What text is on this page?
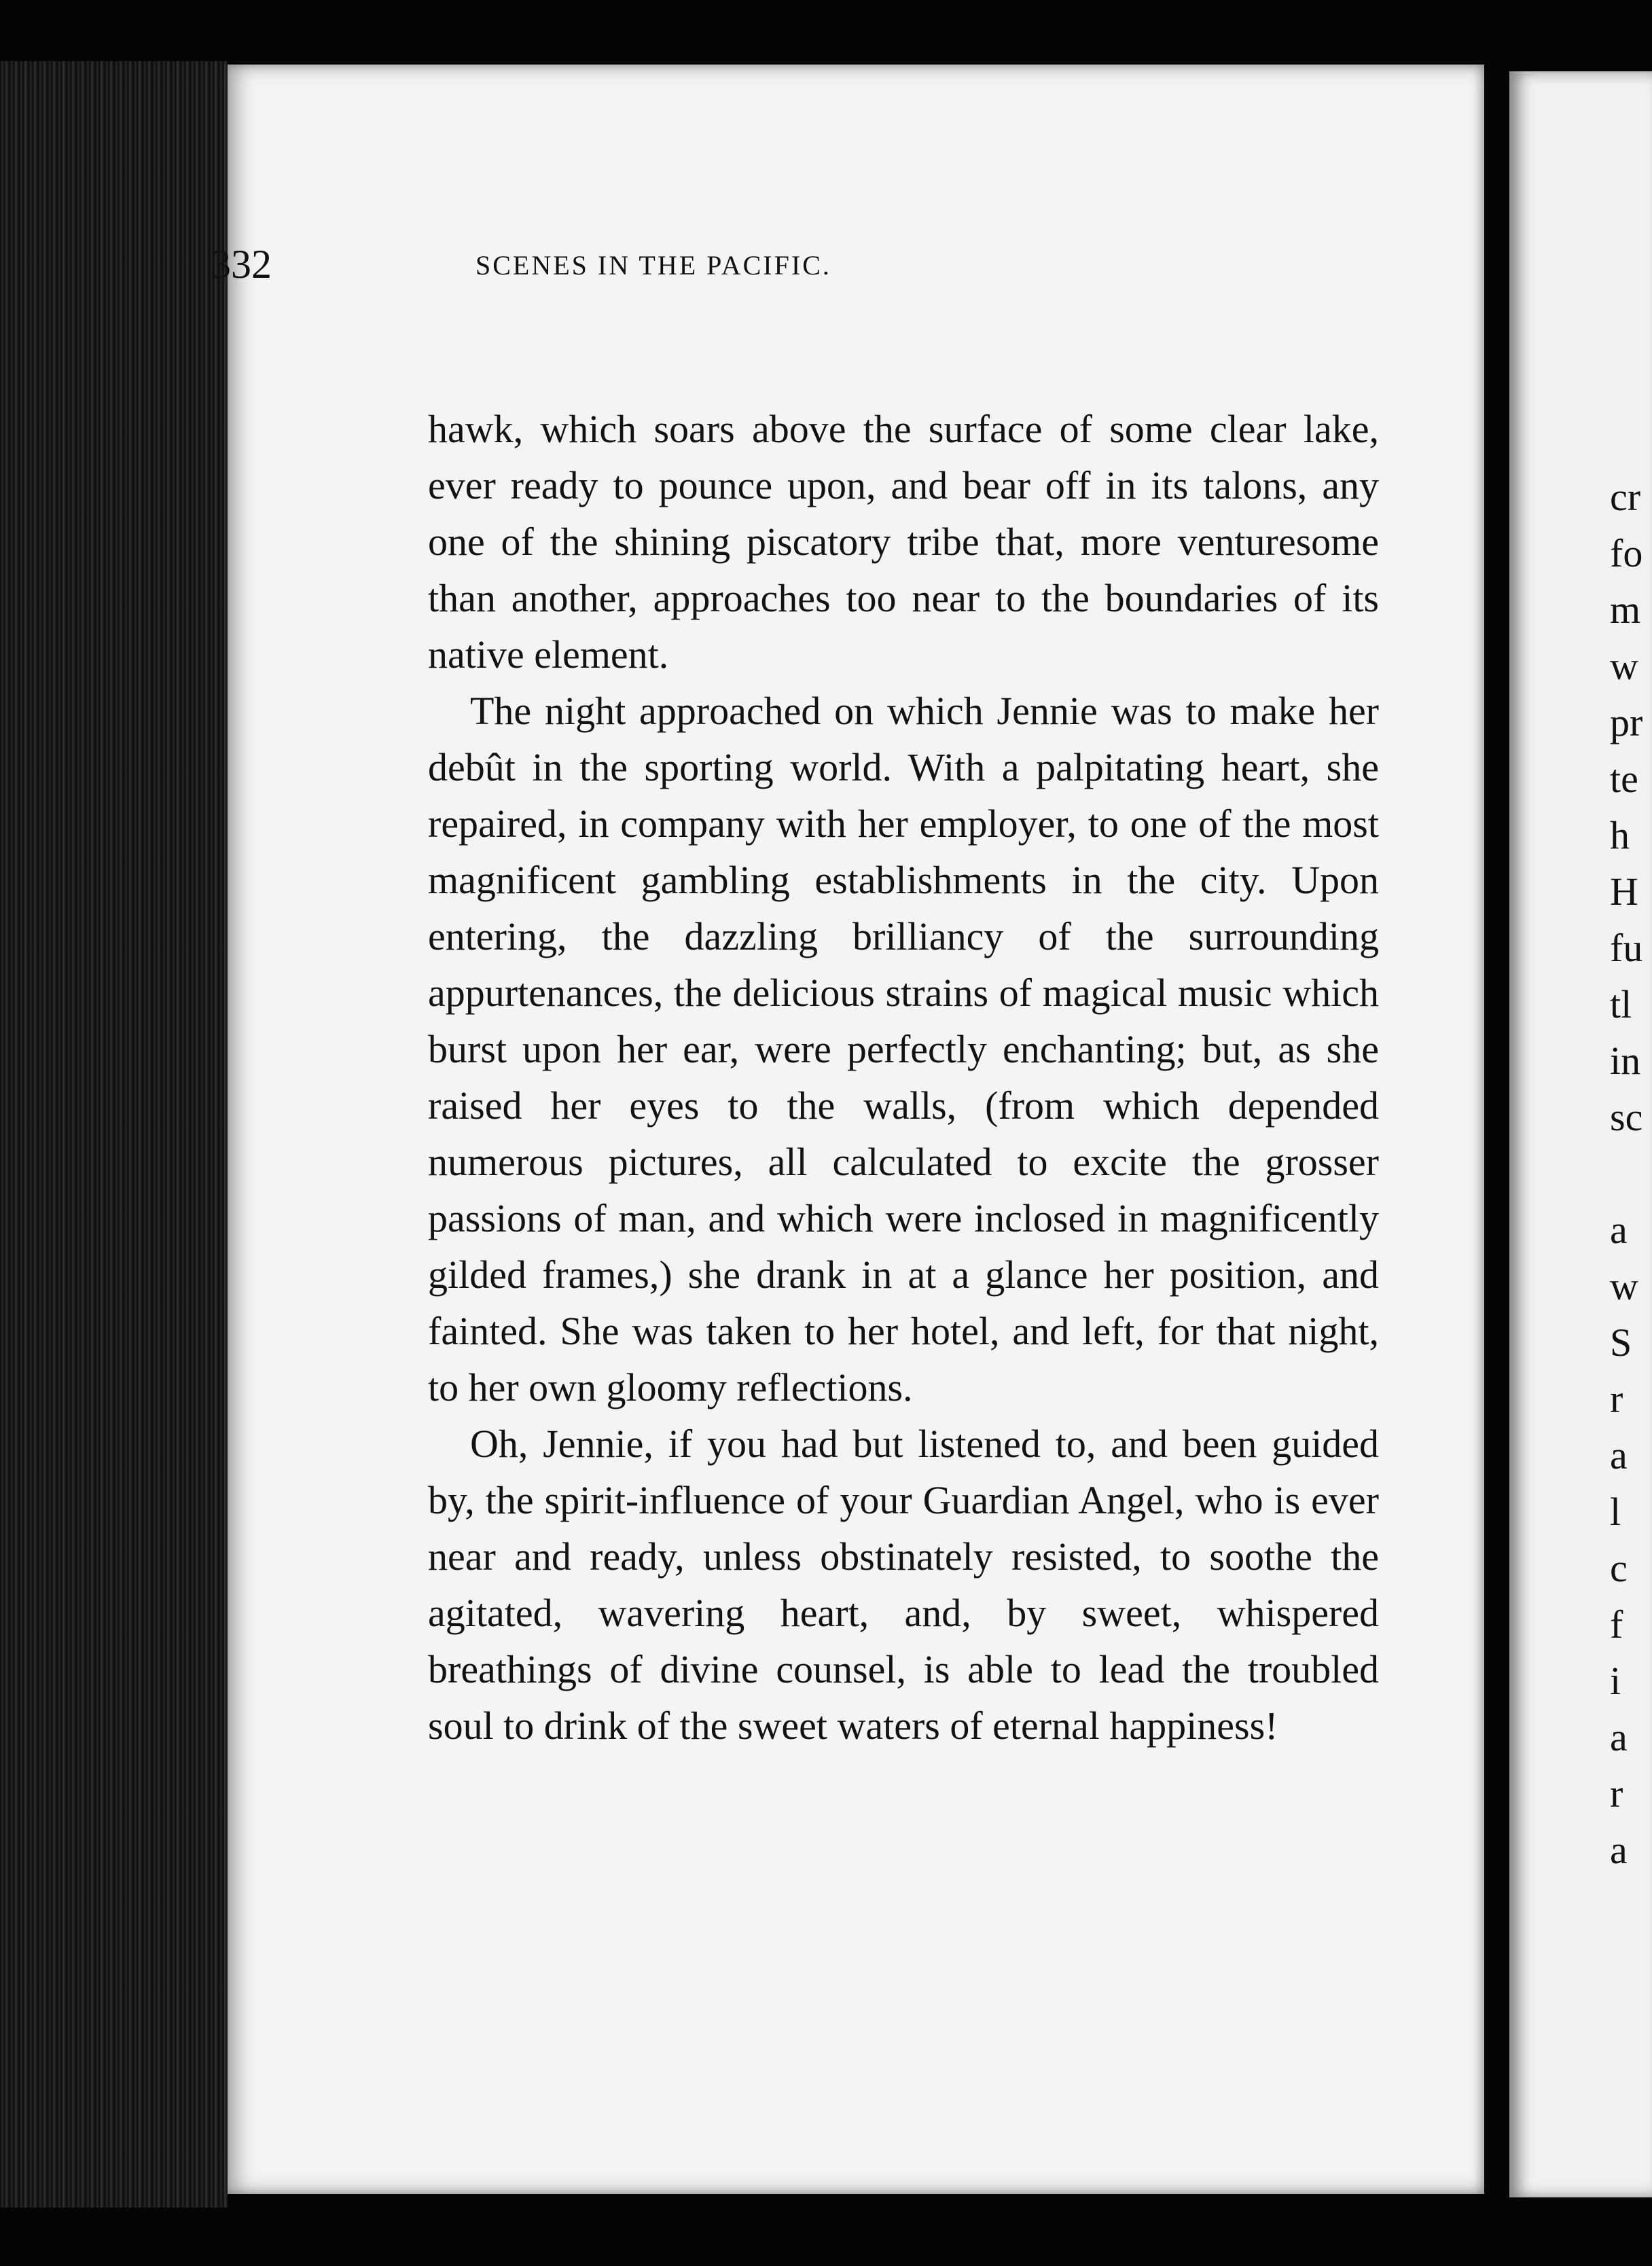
332	SCENES IN THE PACIFIC.

hawk, which soars above the surface of some clear lake, ever ready to pounce upon, and bear off in its talons, any one of the shining piscatory tribe that, more venturesome than another, approaches too near to the boundaries of its native element.

The night approached on which Jennie was to make her debût in the sporting world. With a palpitating heart, she repaired, in company with her employer, to one of the most magnificent gambling establishments in the city. Upon entering, the dazzling brilliancy of the surrounding appurtenances, the delicious strains of magical music which burst upon her ear, were perfectly enchanting; but, as she raised her eyes to the walls, (from which depended numerous pictures, all calculated to excite the grosser passions of man, and which were inclosed in magnificently gilded frames,) she drank in at a glance her position, and fainted. She was taken to her hotel, and left, for that night, to her own gloomy reflections.

Oh, Jennie, if you had but listened to, and been guided by, the spirit-influence of your Guardian Angel, who is ever near and ready, unless obstinately resisted, to soothe the agitated, wavering heart, and, by sweet, whispered breathings of divine counsel, is able to lead the troubled soul to drink of the sweet waters of eternal happiness!

cr
fo
m
w
pr
te
h
H
fu
tl
in
sc
a
w
S
r
a
l
c
f
i
a
r
a
